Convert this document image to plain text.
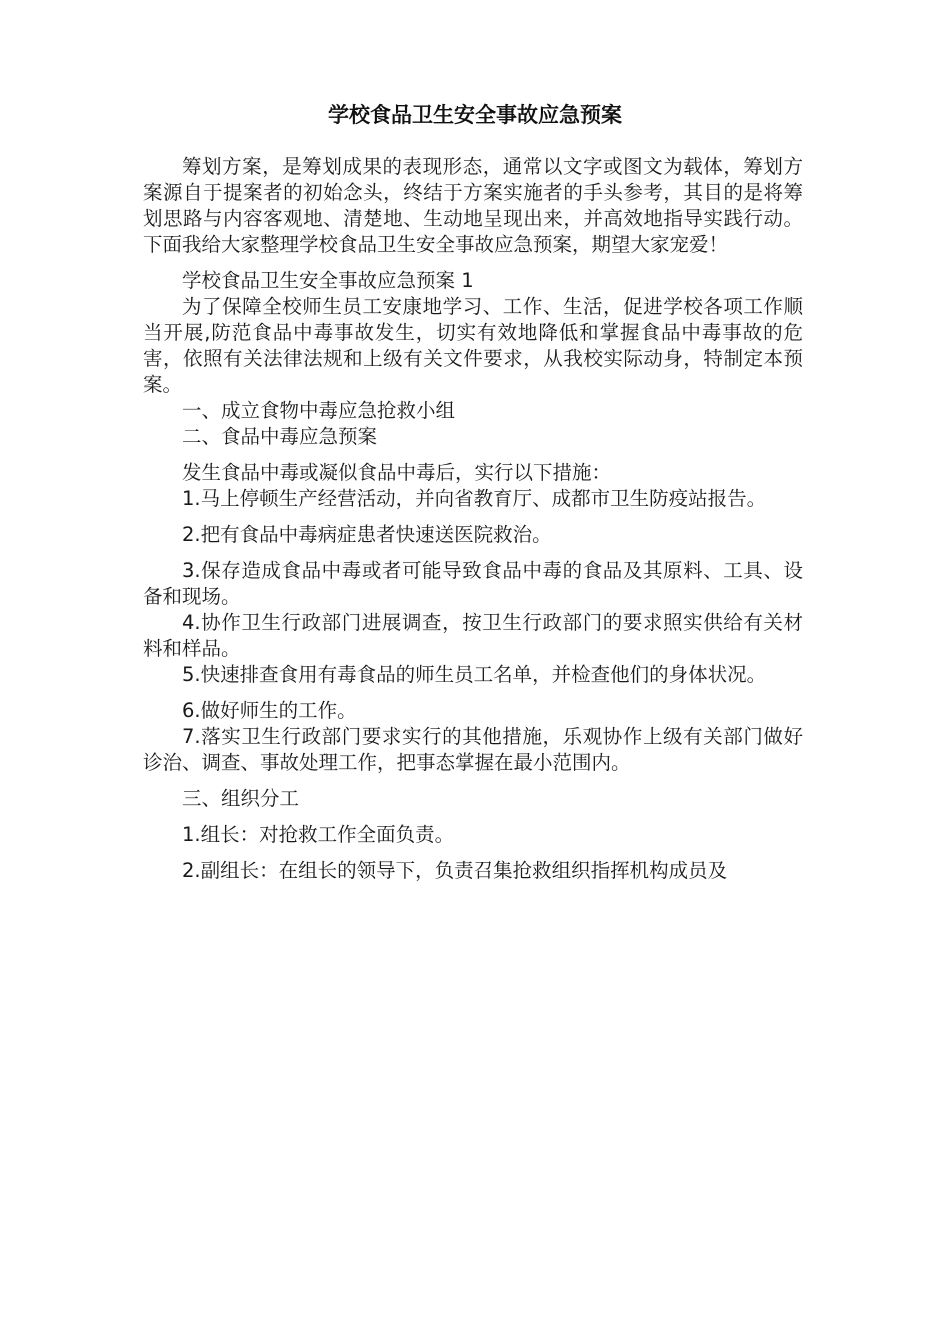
学校食品卫生安全事故应急预案

筹划方案，是筹划成果的表现形态，通常以文字或图文为载体，筹划方案源自于提案者的初始念头，终结于方案实施者的手头参考，其目的是将筹划思路与内容客观地、清楚地、生动地呈现出来，并高效地指导实践行动。下面我给大家整理学校食品卫生安全事故应急预案，期望大家宠爱！

学校食品卫生安全事故应急预案 1

为了保障全校师生员工安康地学习、工作、生活，促进学校各项工作顺当开展,防范食品中毒事故发生，切实有效地降低和掌握食品中毒事故的危害，依照有关法律法规和上级有关文件要求，从我校实际动身，特制定本预案。

一、成立食物中毒应急抢救小组

二、食品中毒应急预案

发生食品中毒或凝似食品中毒后，实行以下措施：

1.马上停顿生产经营活动，并向省教育厅、成都市卫生防疫站报告。

2.把有食品中毒病症患者快速送医院救治。

3.保存造成食品中毒或者可能导致食品中毒的食品及其原料、工具、设备和现场。

4.协作卫生行政部门进展调查，按卫生行政部门的要求照实供给有关材料和样品。

5.快速排查食用有毒食品的师生员工名单，并检查他们的身体状况。

6.做好师生的工作。

7.落实卫生行政部门要求实行的其他措施，乐观协作上级有关部门做好诊治、调查、事故处理工作，把事态掌握在最小范围内。

三、组织分工

1.组长：对抢救工作全面负责。

2.副组长：在组长的领导下，负责召集抢救组织指挥机构成员及
